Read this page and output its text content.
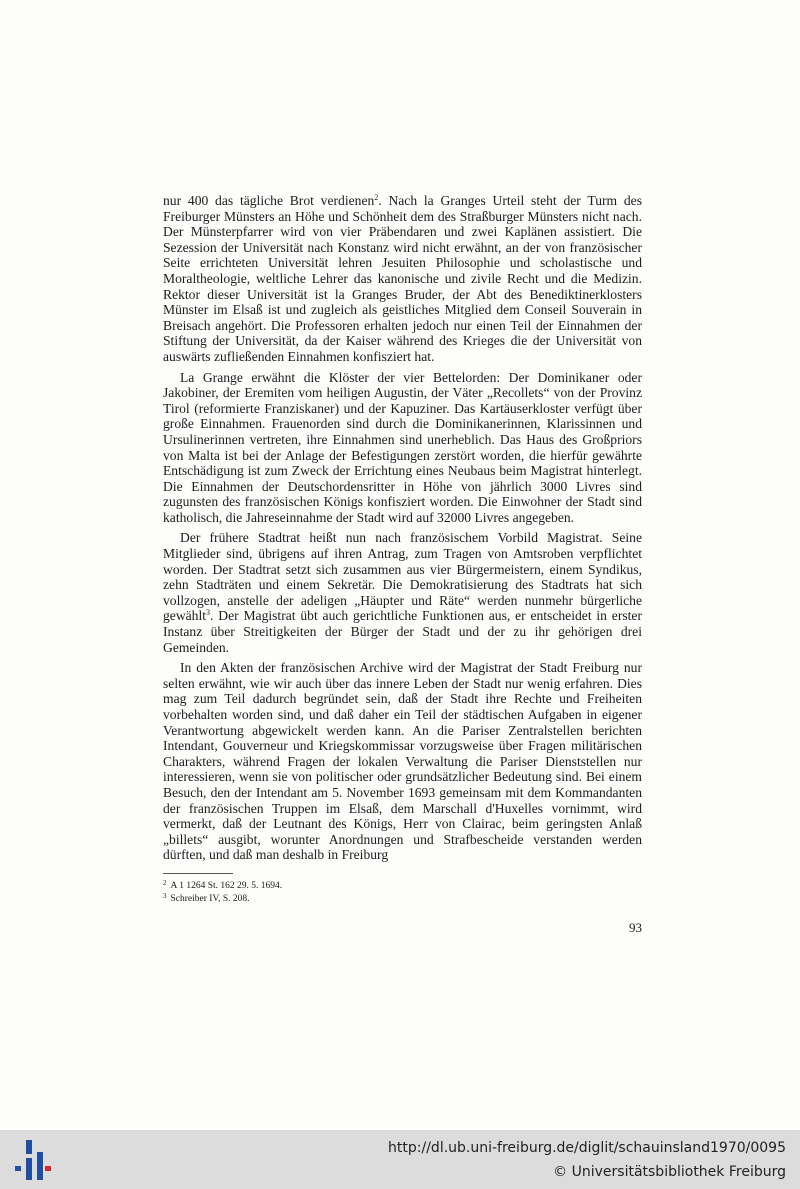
nur 400 das tägliche Brot verdienen$^2$. Nach la Granges Urteil steht der Turm des Freiburger Münsters an Höhe und Schönheit dem des Straßburger Münsters nicht nach. Der Münsterpfarrer wird von vier Präbendaren und zwei Kaplänen assistiert. Die Sezession der Universität nach Konstanz wird nicht erwähnt, an der von französischer Seite errichteten Universität lehren Jesuiten Philosophie und scholastische und Moraltheologie, weltliche Lehrer das kanonische und zivile Recht und die Medizin. Rektor dieser Universität ist la Granges Bruder, der Abt des Benediktinerklosters Münster im Elsaß ist und zugleich als geistliches Mitglied dem Conseil Souverain in Breisach angehört. Die Professoren erhalten jedoch nur einen Teil der Einnahmen der Stiftung der Universität, da der Kaiser während des Krieges die der Universität von auswärts zufließenden Einnahmen konfisziert hat.

La Grange erwähnt die Klöster der vier Bettelorden: Der Dominikaner oder Jakobiner, der Eremiten vom heiligen Augustin, der Väter „Recollets“ von der Provinz Tirol (reformierte Franziskaner) und der Kapuziner. Das Kartäuserkloster verfügt über große Einnahmen. Frauenorden sind durch die Dominikanerinnen, Klarissinnen und Ursulinerinnen vertreten, ihre Einnahmen sind unerheblich. Das Haus des Großpriors von Malta ist bei der Anlage der Befestigungen zerstört worden, die hierfür gewährte Entschädigung ist zum Zweck der Errichtung eines Neubaus beim Magistrat hinterlegt. Die Einnahmen der Deutschordensritter in Höhe von jährlich 3000 Livres sind zugunsten des französischen Königs konfisziert worden. Die Einwohner der Stadt sind katholisch, die Jahreseinnahme der Stadt wird auf 32000 Livres angegeben.

Der frühere Stadtrat heißt nun nach französischem Vorbild Magistrat. Seine Mitglieder sind, übrigens auf ihren Antrag, zum Tragen von Amtsroben verpflichtet worden. Der Stadtrat setzt sich zusammen aus vier Bürgermeistern, einem Syndikus, zehn Stadträten und einem Sekretär. Die Demokratisierung des Stadtrats hat sich vollzogen, anstelle der adeligen „Häupter und Räte“ werden nunmehr bürgerliche gewählt$^3$. Der Magistrat übt auch gerichtliche Funktionen aus, er entscheidet in erster Instanz über Streitigkeiten der Bürger der Stadt und der zu ihr gehörigen drei Gemeinden.

In den Akten der französischen Archive wird der Magistrat der Stadt Freiburg nur selten erwähnt, wie wir auch über das innere Leben der Stadt nur wenig erfahren. Dies mag zum Teil dadurch begründet sein, daß der Stadt ihre Rechte und Freiheiten vorbehalten worden sind, und daß daher ein Teil der städtischen Aufgaben in eigener Verantwortung abgewickelt werden kann. An die Pariser Zentralstellen berichten Intendant, Gouverneur und Kriegskommissar vorzugsweise über Fragen militärischen Charakters, während Fragen der lokalen Verwaltung die Pariser Dienststellen nur interessieren, wenn sie von politischer oder grundsätzlicher Bedeutung sind. Bei einem Besuch, den der Intendant am 5. November 1693 gemeinsam mit dem Kommandanten der französischen Truppen im Elsaß, dem Marschall d'Huxelles vornimmt, wird vermerkt, daß der Leutnant des Königs, Herr von Clairac, beim geringsten Anlaß „billets“ ausgibt, worunter Anordnungen und Strafbescheide verstanden werden dürften, und daß man deshalb in Freiburg

$^2$ A 1 1264 St. 162 29. 5. 1694.
$^3$ Schreiber IV, S. 208.
93
http://dl.ub.uni-freiburg.de/diglit/schauinsland1970/0095
© Universitätsbibliothek Freiburg
